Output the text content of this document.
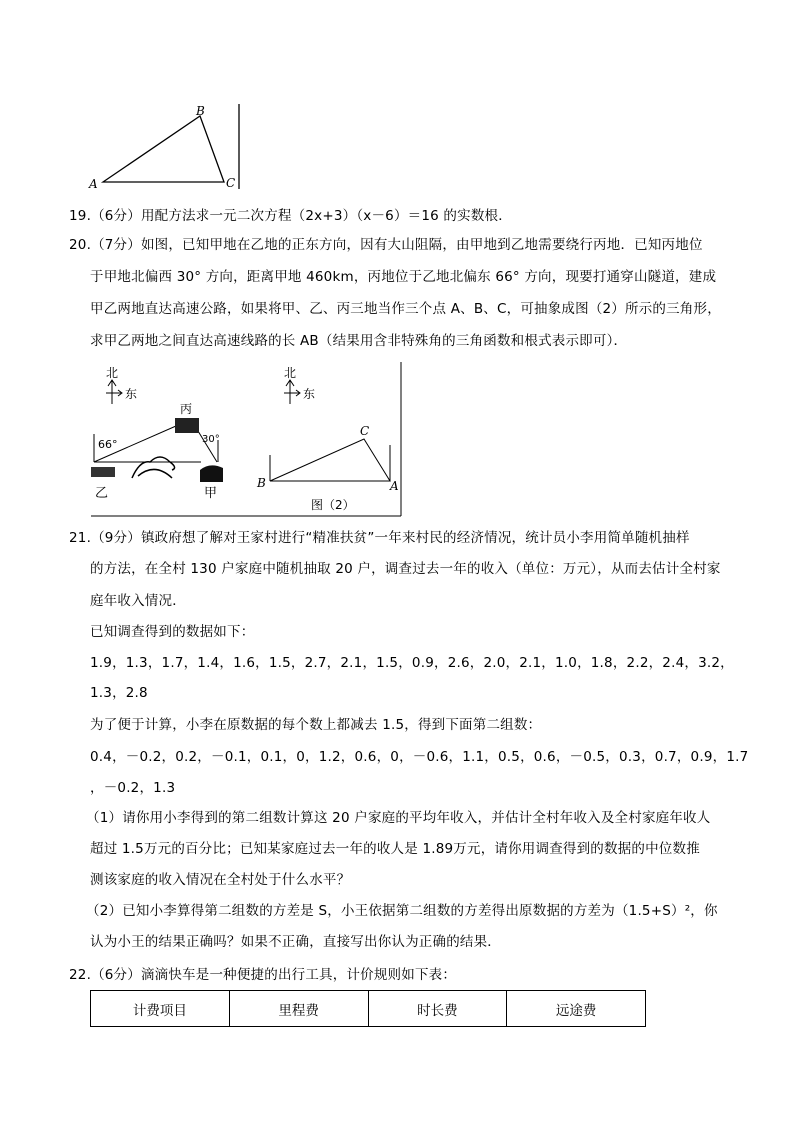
A
B
C
19.（6分）用配方法求一元二次方程（2x+3）（x－6）＝16 的实数根．
20.（7分）如图，已知甲地在乙地的正东方向，因有大山阻隔，由甲地到乙地需要绕行丙地．已知丙地位
于甲地北偏西 30° 方向，距离甲地 460km，丙地位于乙地北偏东 66° 方向，现要打通穿山隧道，建成
甲乙两地直达高速公路，如果将甲、乙、丙三地当作三个点 A、B、C，可抽象成图（2）所示的三角形，
求甲乙两地之间直达高速线路的长 AB（结果用含非特殊角的三角函数和根式表示即可）．
北
东
北
东
丙
乙	甲
66°	30°
B
C
A
图（2）
21.（9分）镇政府想了解对王家村进行“精准扶贫”一年来村民的经济情况，统计员小李用简单随机抽样
的方法，在全村 130 户家庭中随机抽取 20 户，调查过去一年的收入（单位：万元），从而去估计全村家
庭年收入情况．
已知调查得到的数据如下：
1.9，1.3，1.7，1.4，1.6，1.5，2.7，2.1，1.5，0.9，2.6，2.0，2.1，1.0，1.8，2.2，2.4，3.2，
1.3，2.8
为了便于计算，小李在原数据的每个数上都减去 1.5，得到下面第二组数：
0.4，－0.2，0.2，－0.1，0.1，0，1.2，0.6，0，－0.6，1.1，0.5，0.6，－0.5，0.3，0.7，0.9，1.7
，－0.2，1.3
（1）请你用小李得到的第二组数计算这 20 户家庭的平均年收入，并估计全村年收入及全村家庭年收人
超过 1.5万元的百分比；已知某家庭过去一年的收人是 1.89万元，请你用调查得到的数据的中位数推
测该家庭的收入情况在全村处于什么水平？
（2）已知小李算得第二组数的方差是 S，小王依据第二组数的方差得出原数据的方差为（1.5+S）²，你
认为小王的结果正确吗？如果不正确，直接写出你认为正确的结果．
22.（6分）滴滴快车是一种便捷的出行工具，计价规则如下表：
计费项目	里程费	时长费	远途费
